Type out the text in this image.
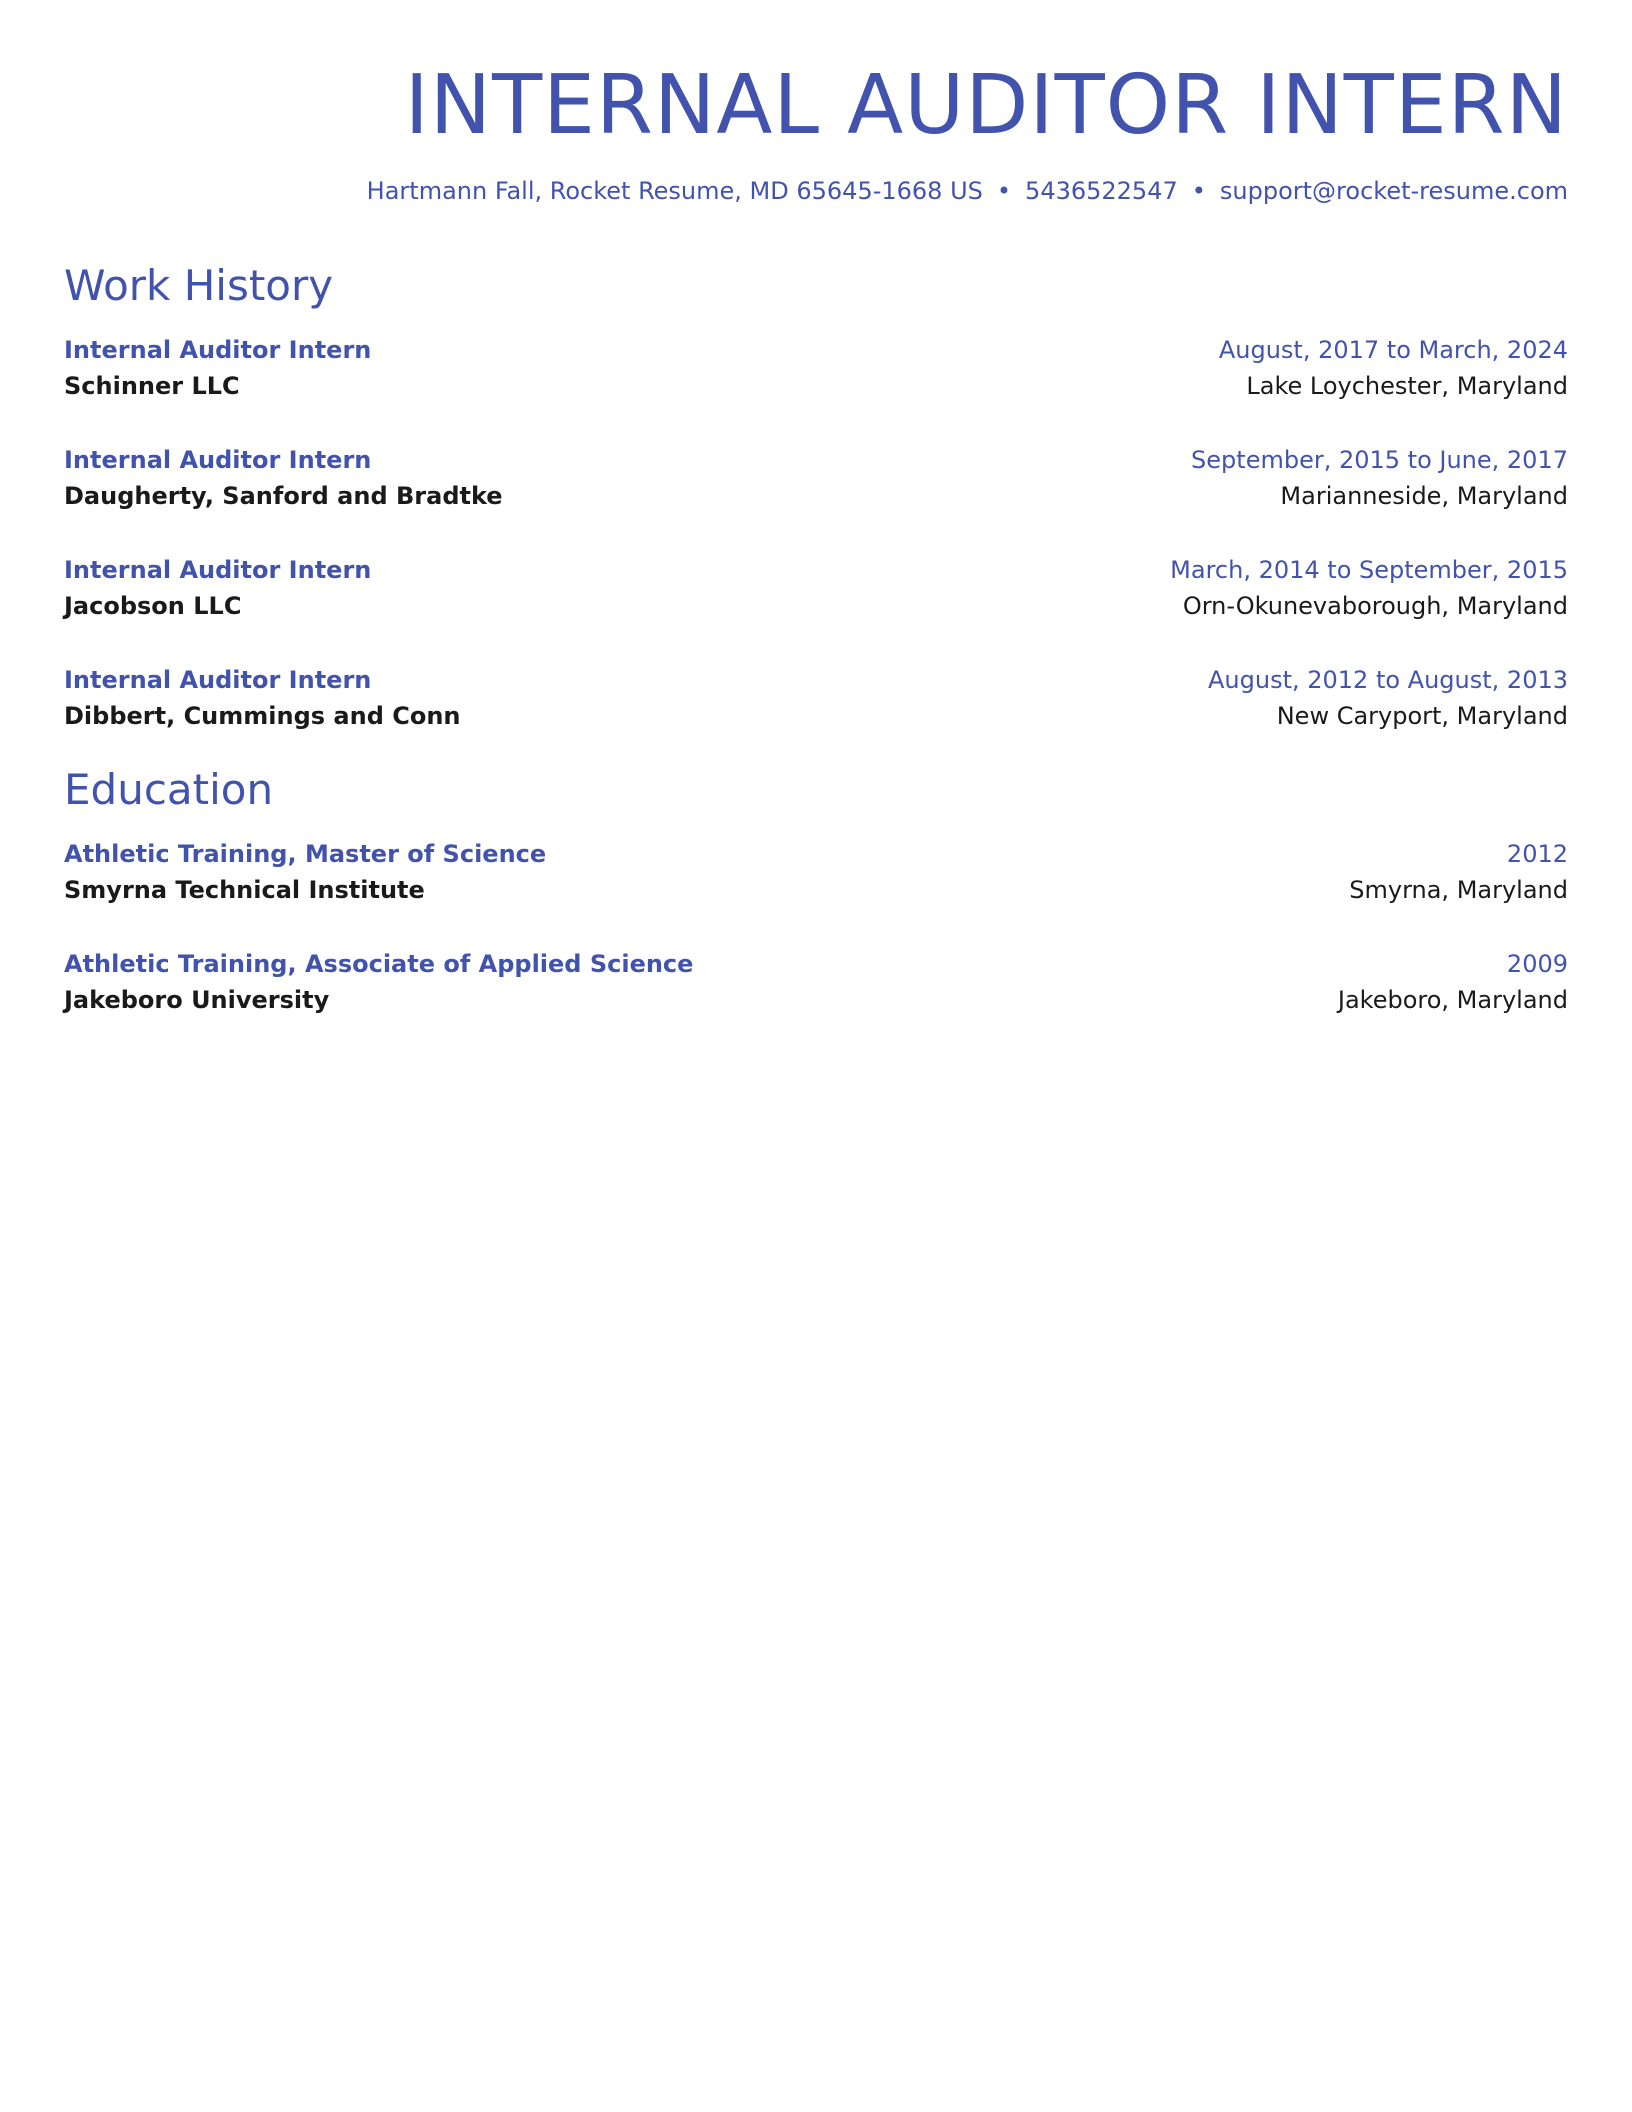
INTERNAL AUDITOR INTERN
Hartmann Fall, Rocket Resume, MD 65645-1668 US • 5436522547 • support@rocket-resume.com
Work History
Internal Auditor Intern	August, 2017 to March, 2024
Schinner LLC	Lake Loychester, Maryland
Internal Auditor Intern	September, 2015 to June, 2017
Daugherty, Sanford and Bradtke	Marianneside, Maryland
Internal Auditor Intern	March, 2014 to September, 2015
Jacobson LLC	Orn-Okunevaborough, Maryland
Internal Auditor Intern	August, 2012 to August, 2013
Dibbert, Cummings and Conn	New Caryport, Maryland
Education
Athletic Training, Master of Science	2012
Smyrna Technical Institute	Smyrna, Maryland
Athletic Training, Associate of Applied Science	2009
Jakeboro University	Jakeboro, Maryland
